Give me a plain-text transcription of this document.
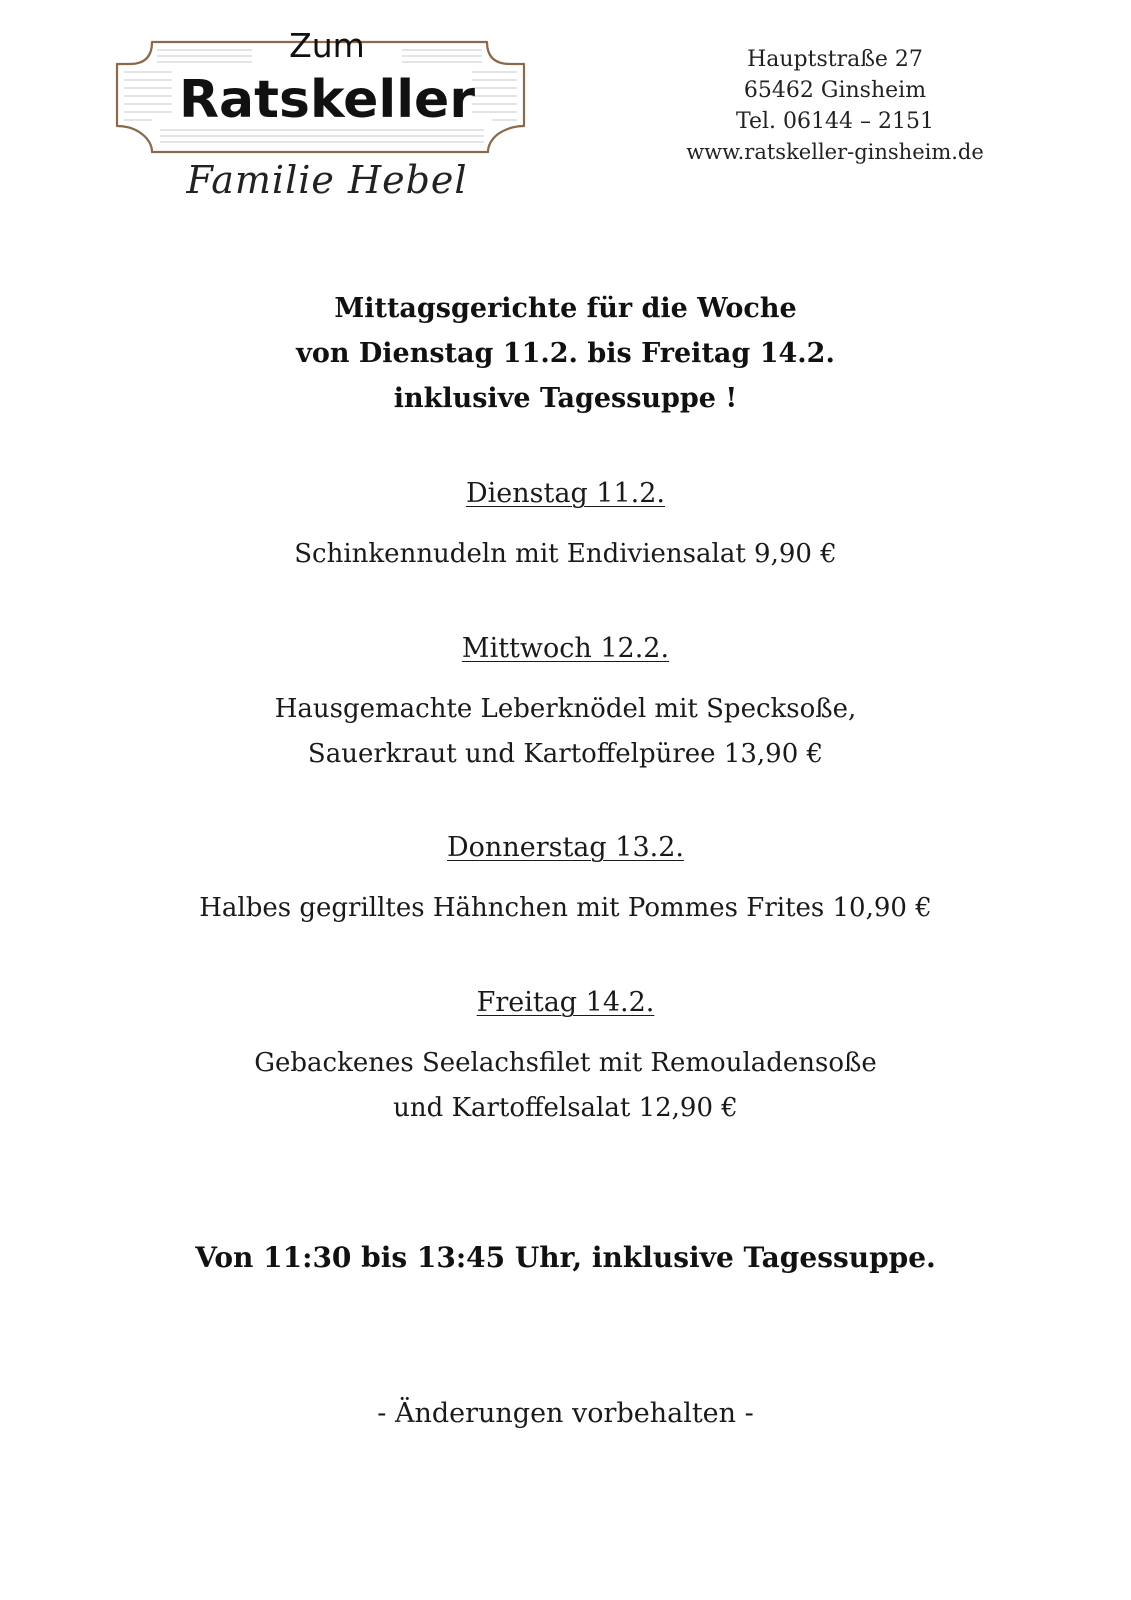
Zum
Ratskeller
Familie Hebel
Hauptstraße 27
65462 Ginsheim
Tel. 06144 – 2151
www.ratskeller-ginsheim.de
Mittagsgerichte für die Woche
von Dienstag 11.2. bis Freitag 14.2.
inklusive Tagessuppe !
Dienstag 11.2.
Schinkennudeln mit Endiviensalat 9,90 €
Mittwoch 12.2.
Hausgemachte Leberknödel mit Specksoße,
Sauerkraut und Kartoffelpüree 13,90 €
Donnerstag 13.2.
Halbes gegrilltes Hähnchen mit Pommes Frites 10,90 €
Freitag 14.2.
Gebackenes Seelachsfilet mit Remouladensoße
und Kartoffelsalat 12,90 €
Von 11:30 bis 13:45 Uhr, inklusive Tagessuppe.
- Änderungen vorbehalten -
